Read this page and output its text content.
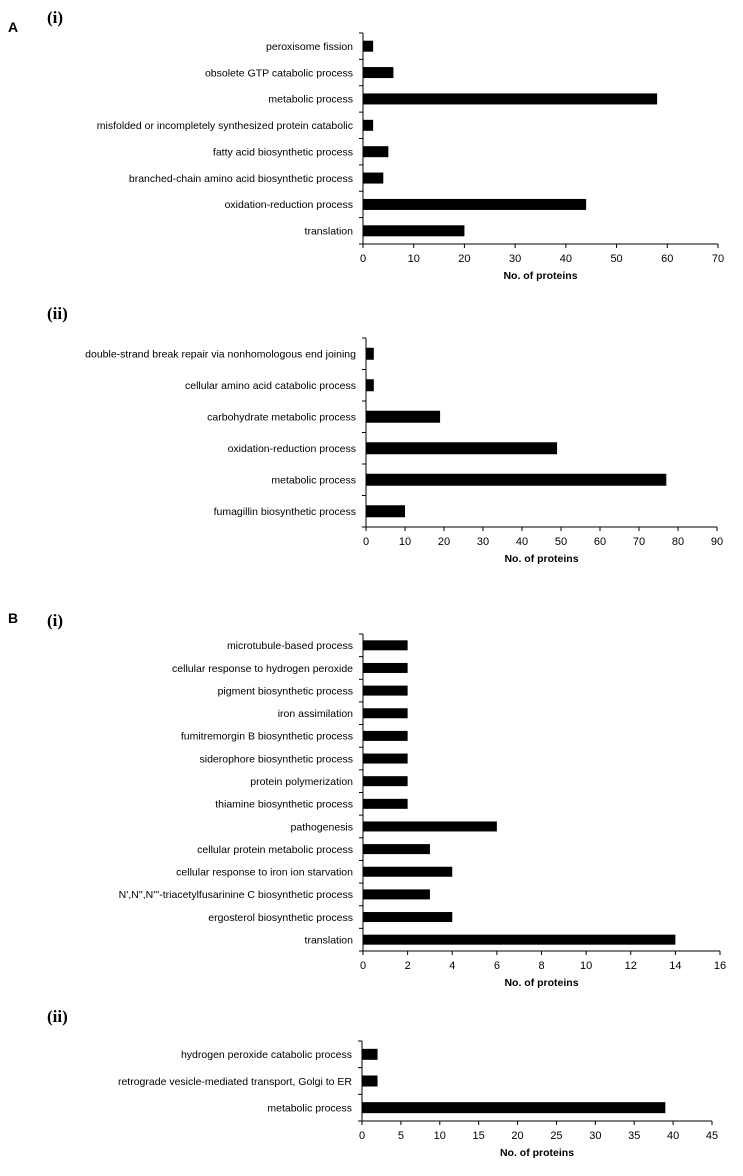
A
B
(i)
peroxisome fission
obsolete GTP catabolic process
metabolic process
misfolded or incompletely synthesized protein catabolic
fatty acid biosynthetic process
branched-chain amino acid biosynthetic process
oxidation-reduction process
translation
0	10	20	30	40	50	60	70
No. of proteins
(ii)
double-strand break repair via nonhomologous end joining
cellular amino acid catabolic process
carbohydrate metabolic process
oxidation-reduction process
metabolic process
fumagillin biosynthetic process
0	10 20 30 40 50 60 70 80 90
No. of proteins
(i)
microtubule-based process
cellular response to hydrogen peroxide
pigment biosynthetic process
iron assimilation
fumitremorgin B biosynthetic process
siderophore biosynthetic process
protein polymerization
thiamine biosynthetic process
pathogenesis
cellular protein metabolic process
cellular response to iron ion starvation
N',N'',N'''-triacetylfusarinine C biosynthetic process
ergosterol biosynthetic process
translation
0	2	4	6	8	10	12	14	16
No. of proteins
(ii)
hydrogen peroxide catabolic process
retrograde vesicle-mediated transport, Golgi to ER
metabolic process
0	5	10 15 20 25 30 35 40 45
No. of proteins
